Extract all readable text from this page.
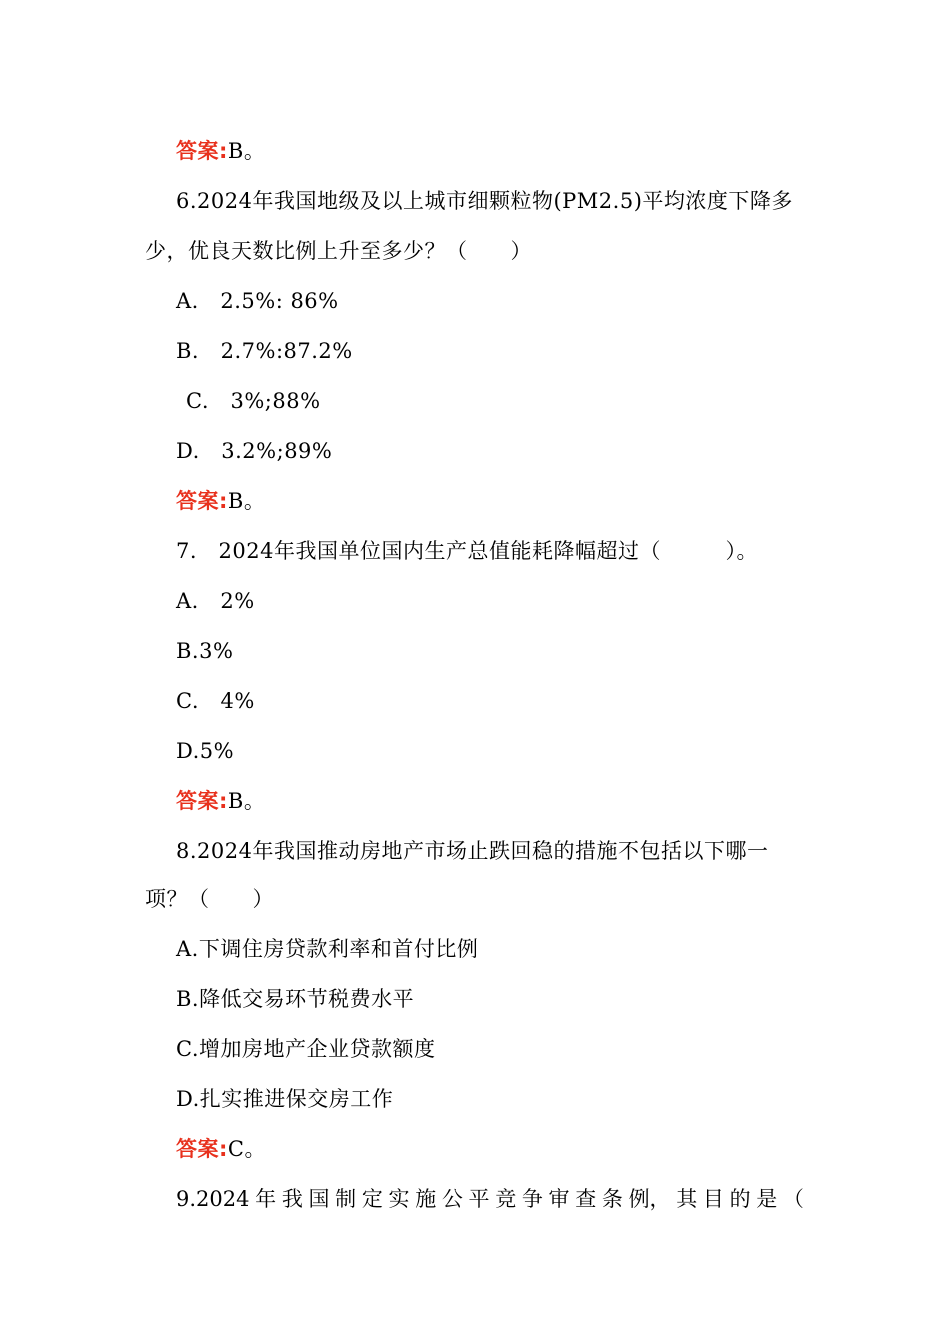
答案:B。
6.2024年我国地级及以上城市细颗粒物(PM2.5)平均浓度下降多
少，优良天数比例上升至多少？（　　）
A.　2.5%: 86%
B.　2.7%:87.2%
C.　3%;88%
D.　3.2%;89%
答案:B。
7.　2024年我国单位国内生产总值能耗降幅超过（　　　）。
A.　2%
B.3%
C.　4%
D.5%
答案:B。
8.2024年我国推动房地产市场止跌回稳的措施不包括以下哪一
项？（　　）
A.下调住房贷款利率和首付比例
B.降低交易环节税费水平
C.增加房地产企业贷款额度
D.扎实推进保交房工作
答案:C。
9.2024 年 我 国 制 定 实 施 公 平 竞 争 审 查 条 例， 其 目 的 是 （
